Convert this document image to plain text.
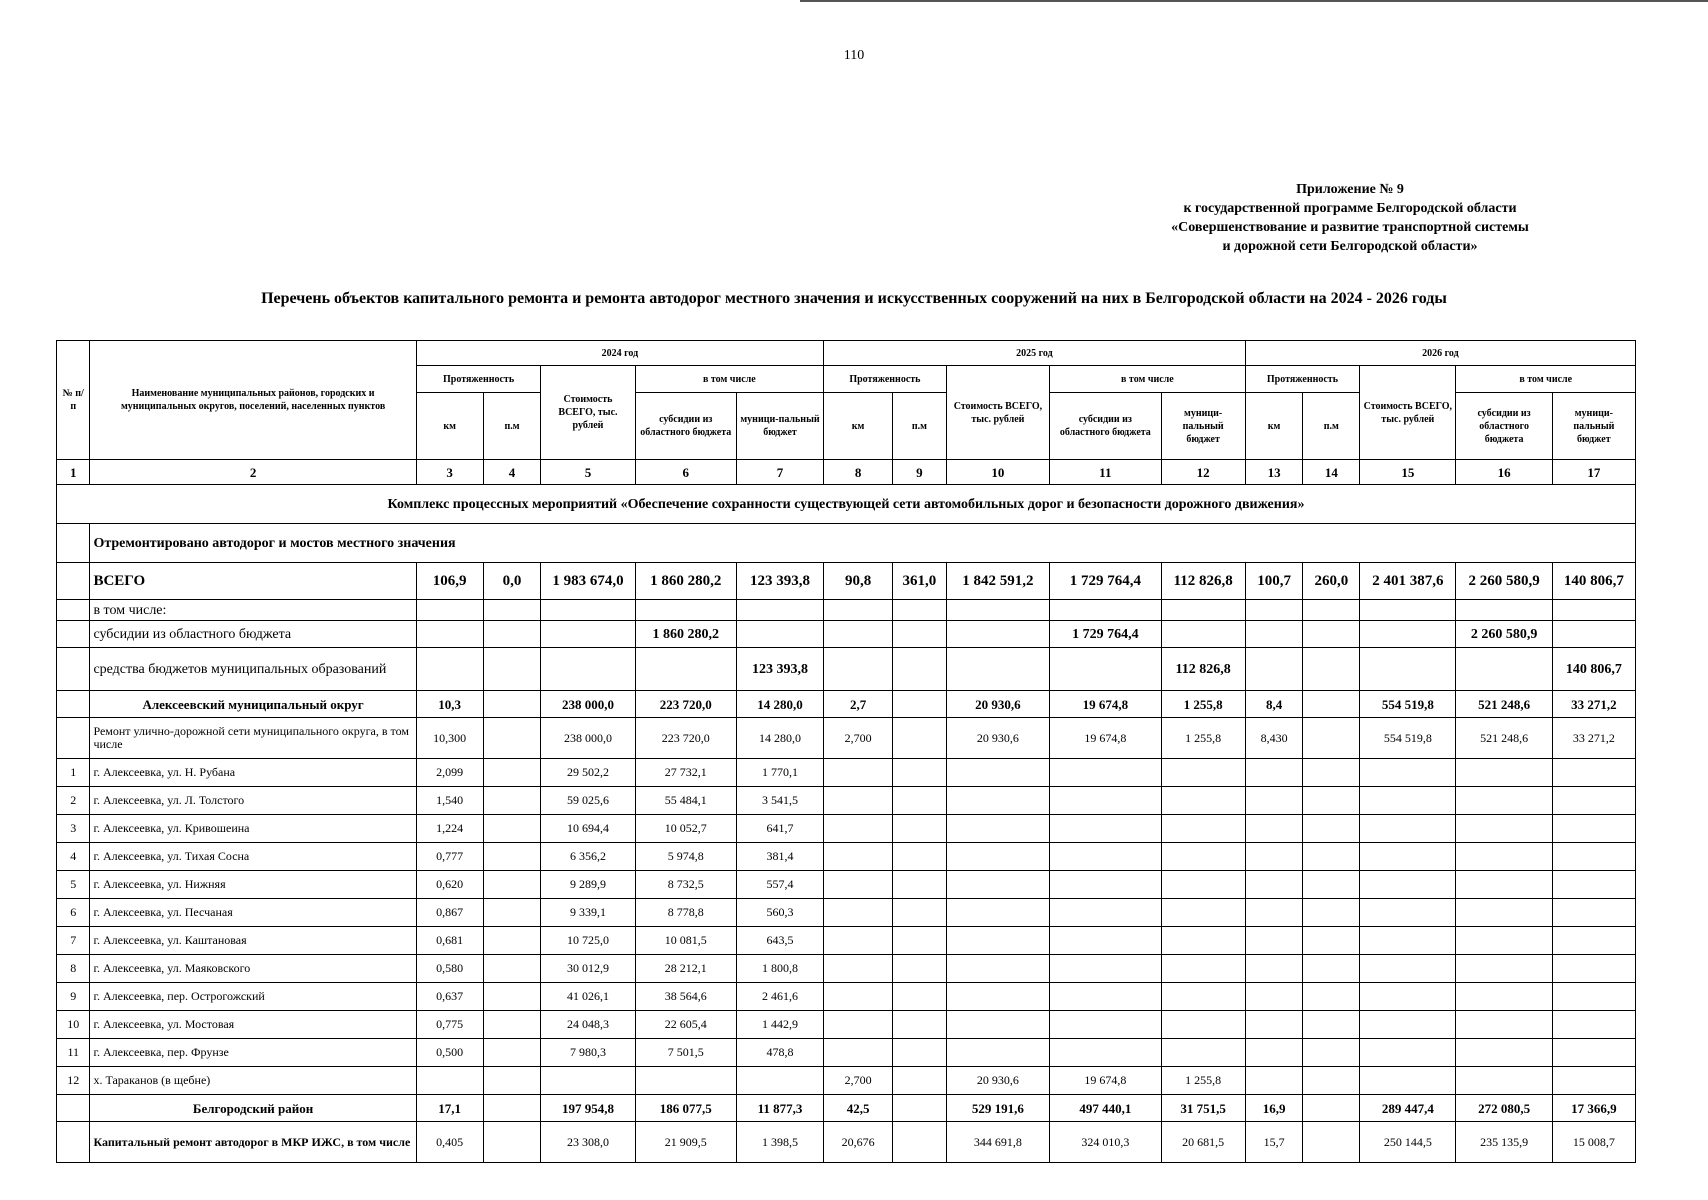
110
Приложение № 9
к государственной программе Белгородской области
«Совершенствование и развитие транспортной системы
и дорожной сети Белгородской области»
Перечень объектов капитального ремонта и ремонта автодорог местного значения и искусственных сооружений на них в Белгородской области на 2024 - 2026 годы
№ п/п	Наименование муниципальных районов, городских и муниципальных округов, поселений, населенных пунктов	2024 год					2025 год					2026 год				
		Протяженность		Стоимость ВСЕГО, тыс. рублей	в том числе		Протяженность		Стоимость ВСЕГО, тыс. рублей	в том числе		Протяженность		Стоимость ВСЕГО, тыс. рублей	в том числе	
		км	п.м		субсидии из областного бюджета	муници-пальный бюджет	км	п.м		субсидии из областного бюджета	муници-пальный бюджет	км	п.м		субсидии из областного бюджета	муници-пальный бюджет
1	2	3	4	5	6	7	8	9	10	11	12	13	14	15	16	17
Комплекс процессных мероприятий «Обеспечение сохранности существующей сети автомобильных дорог и безопасности дорожного движения»																
	Отремонтировано автодорог и мостов местного значения															
	ВСЕГО	106,9	0,0	1 983 674,0	1 860 280,2	123 393,8	90,8	361,0	1 842 591,2	1 729 764,4	112 826,8	100,7	260,0	2 401 387,6	2 260 580,9	140 806,7
	в том числе:															
	субсидии из областного бюджета				1 860 280,2					1 729 764,4					2 260 580,9	
	средства бюджетов муниципальных образований					123 393,8					112 826,8					140 806,7
	Алексеевский муниципальный округ	10,3		238 000,0	223 720,0	14 280,0	2,7		20 930,6	19 674,8	1 255,8	8,4		554 519,8	521 248,6	33 271,2
	Ремонт улично-дорожной сети муниципального округа, в том числе	10,300		238 000,0	223 720,0	14 280,0	2,700		20 930,6	19 674,8	1 255,8	8,430		554 519,8	521 248,6	33 271,2
1	г. Алексеевка, ул. Н. Рубана	2,099		29 502,2	27 732,1	1 770,1										
2	г. Алексеевка, ул. Л. Толстого	1,540		59 025,6	55 484,1	3 541,5										
3	г. Алексеевка, ул. Кривошеина	1,224		10 694,4	10 052,7	641,7										
4	г. Алексеевка, ул. Тихая Сосна	0,777		6 356,2	5 974,8	381,4										
5	г. Алексеевка, ул. Нижняя	0,620		9 289,9	8 732,5	557,4										
6	г. Алексеевка, ул. Песчаная	0,867		9 339,1	8 778,8	560,3										
7	г. Алексеевка, ул. Каштановая	0,681		10 725,0	10 081,5	643,5										
8	г. Алексеевка, ул. Маяковского	0,580		30 012,9	28 212,1	1 800,8										
9	г. Алексеевка, пер. Острогожский	0,637		41 026,1	38 564,6	2 461,6										
10	г. Алексеевка, ул. Мостовая	0,775		24 048,3	22 605,4	1 442,9										
11	г. Алексеевка, пер. Фрунзе	0,500		7 980,3	7 501,5	478,8										
12	х. Тараканов (в щебне)						2,700		20 930,6	19 674,8	1 255,8					
	Белгородский район	17,1		197 954,8	186 077,5	11 877,3	42,5		529 191,6	497 440,1	31 751,5	16,9		289 447,4	272 080,5	17 366,9
	Капитальный ремонт автодорог в МКР ИЖС, в том числе	0,405		23 308,0	21 909,5	1 398,5	20,676		344 691,8	324 010,3	20 681,5	15,7		250 144,5	235 135,9	15 008,7
